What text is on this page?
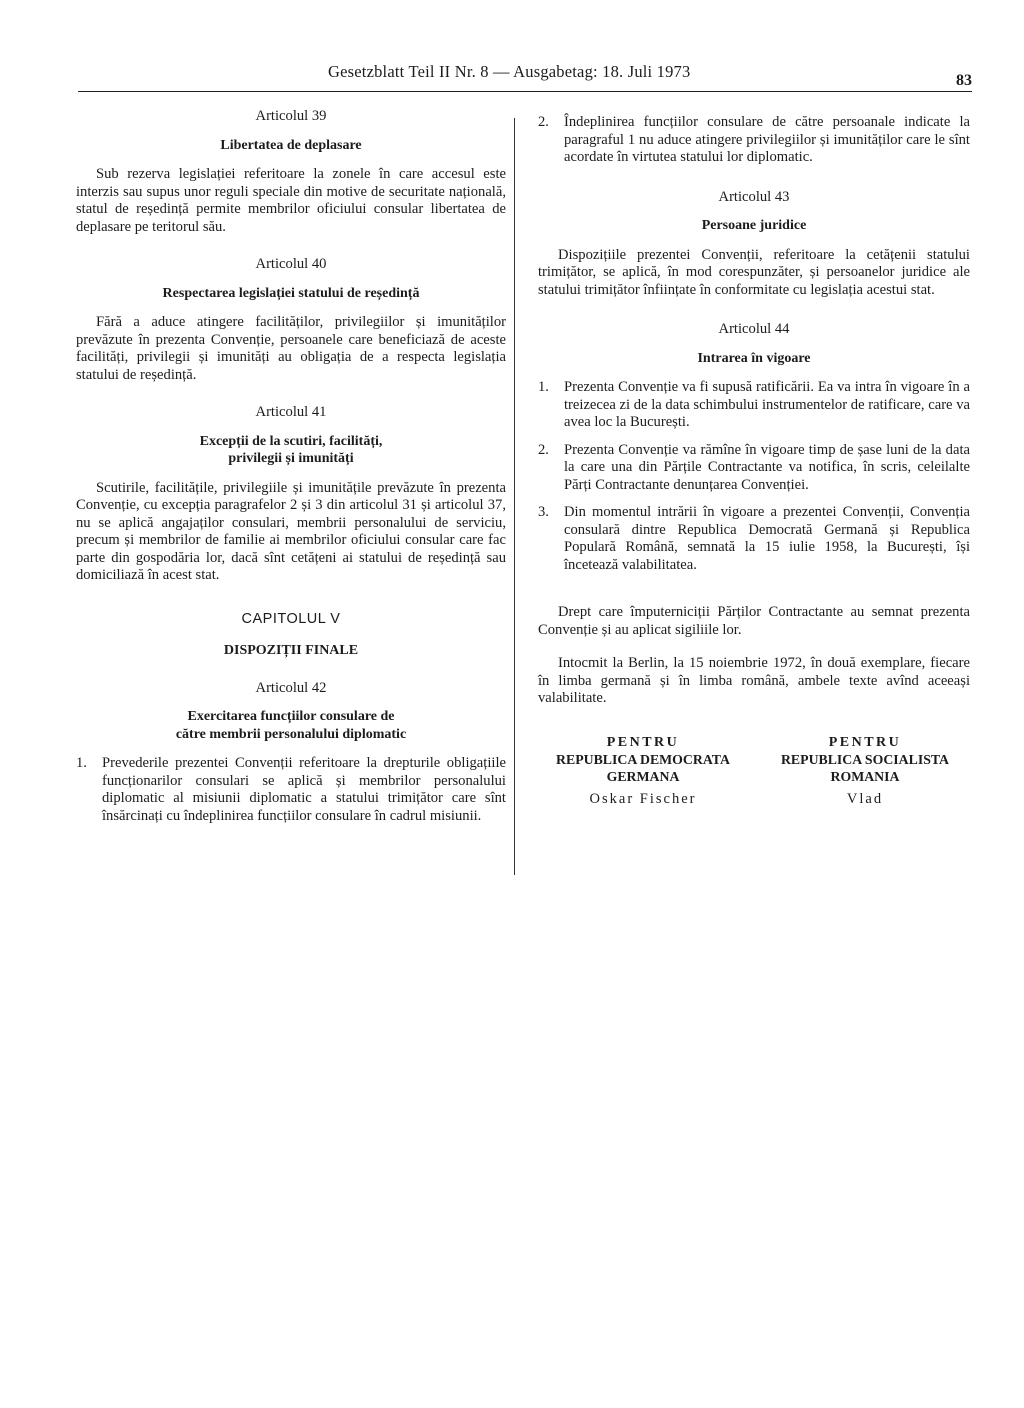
Gesetzblatt Teil II Nr. 8 — Ausgabetag: 18. Juli 1973	83

Articolul 39

Libertatea de deplasare

Sub rezerva legislației referitoare la zonele în care accesul este interzis sau supus unor reguli speciale din motive de securitate națională, statul de reședință permite membrilor oficiului consular libertatea de deplasare pe teritorul său.

Articolul 40

Respectarea legislației statului de reședință

Fără a aduce atingere facilităților, privilegiilor și imunităților prevăzute în prezenta Convenție, persoanele care beneficiază de aceste facilități, privilegii și imunități au obligația de a respecta legislația statului de reședință.

Articolul 41

Excepții de la scutiri, facilități,

privilegii și imunități

Scutirile, facilitățile, privilegiile și imunitățile prevăzute în prezenta Convenție, cu excepția paragrafelor 2 și 3 din articolul 31 și articolul 37, nu se aplică angajaților consulari, membrii personalului de serviciu, precum și membrilor de familie ai membrilor oficiului consular care fac parte din gospodăria lor, dacă sînt cetățeni ai statului de reședință sau domiciliază în acest stat.

CAPITOLUL V

DISPOZIȚII FINALE

Articolul 42

Exercitarea funcțiilor consulare de

către membrii personalului diplomatic

1. Prevederile prezentei Convenții referitoare la drepturile obligațiile funcționarilor consulari se aplică și membrilor personalului diplomatic al misiunii diplomatic a statului trimițător care sînt însărcinați cu îndeplinirea funcțiilor consulare în cadrul misiunii.
2. Îndeplinirea funcțiilor consulare de către persoanale indicate la paragraful 1 nu aduce atingere privilegiilor și imunităților care le sînt acordate în virtutea statului lor diplomatic.

Articolul 43

Persoane juridice

Dispozițiile prezentei Convenții, referitoare la cetățenii statului trimițător, se aplică, în mod corespunzăter, și persoanelor juridice ale statului trimițător înființate în conformitate cu legislația acestui stat.

Articolul 44

Intrarea în vigoare

1. Prezenta Convenție va fi supusă ratificării. Ea va intra în vigoare în a treizecea zi de la data schimbului instrumentelor de ratificare, care va avea loc la București.
2. Prezenta Convenție va rămîne în vigoare timp de șase luni de la data la care una din Părțile Contractante va notifica, în scris, celeilalte Părți Contractante denunțarea Convenției.
3. Din momentul intrării în vigoare a prezentei Convenții, Convenția consulară dintre Republica Democrată Germană și Republica Populară Română, semnată la 15 iulie 1958, la București, își încetează valabilitatea.

Drept care împuterniciții Părților Contractante au semnat prezenta Convenție și au aplicat sigiliile lor.

Intocmit la Berlin, la 15 noiembrie 1972, în două exemplare, fiecare în limba germană și în limba română, ambele texte avînd aceeași valabilitate.

PENTRU
REPUBLICA DEMOCRATA
GERMANA
Oskar Fischer
PENTRU
REPUBLICA SOCIALISTA
ROMANIA
Vlad
